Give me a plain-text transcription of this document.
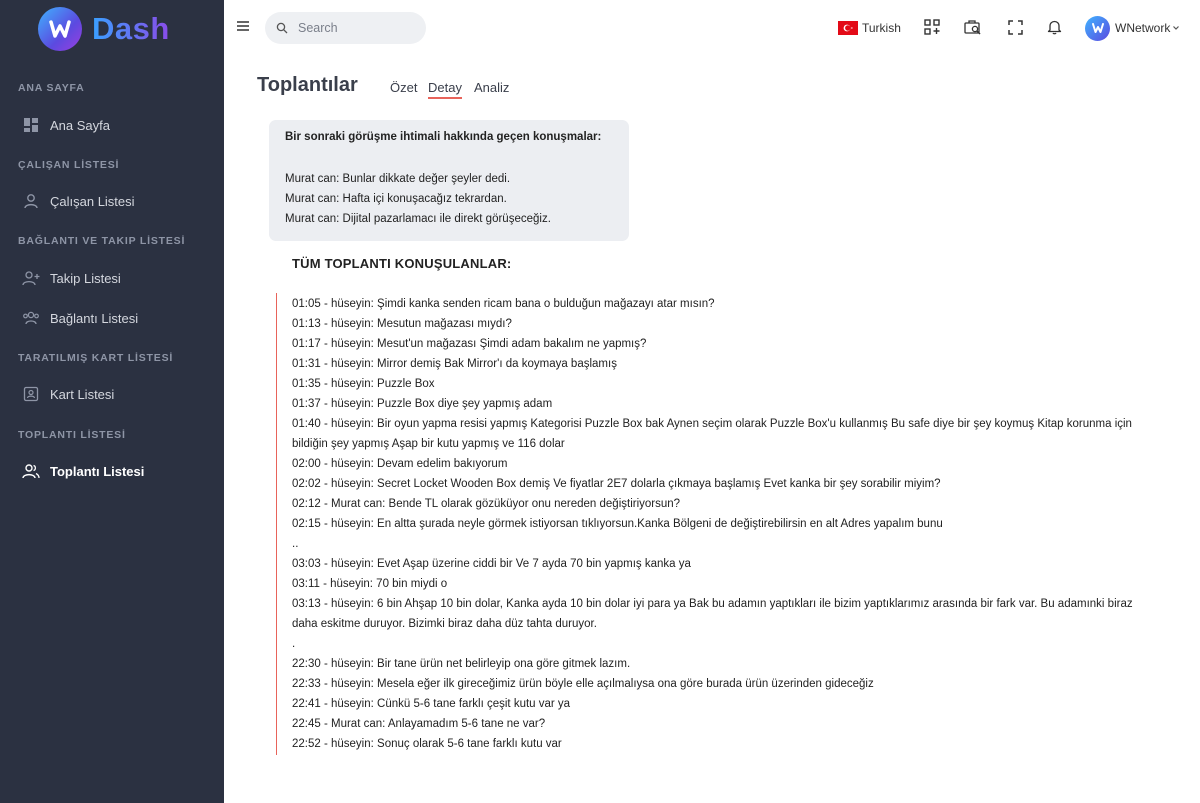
Dash
ANA SAYFA
Ana Sayfa
ÇALIŞAN LİSTESİ
Çalışan Listesi
BAĞLANTI VE TAKIP LİSTESİ
Takip Listesi
Bağlantı Listesi
TARATILMIŞ KART LİSTESİ
Kart Listesi
TOPLANTI LİSTESİ
Toplantı Listesi
Search
Turkish	WNetwork
Toplantılar Özet Detay Analiz
Bir sonraki görüşme ihtimali hakkında geçen konuşmalar:
Murat can: Bunlar dikkate değer şeyler dedi.
Murat can: Hafta içi konuşacağız tekrardan.
Murat can: Dijital pazarlamacı ile direkt görüşeceğiz.
TÜM TOPLANTI KONUŞULANLAR:
01:05 - hüseyin: Şimdi kanka senden ricam bana o bulduğun mağazayı atar mısın?
01:13 - hüseyin: Mesutun mağazası mıydı?
01:17 - hüseyin: Mesut'un mağazası Şimdi adam bakalım ne yapmış?
01:31 - hüseyin: Mirror demiş Bak Mirror'ı da koymaya başlamış
01:35 - hüseyin: Puzzle Box
01:37 - hüseyin: Puzzle Box diye şey yapmış adam
01:40 - hüseyin: Bir oyun yapma resisi yapmış Kategorisi Puzzle Box bak Aynen seçim olarak Puzzle Box'u kullanmış Bu safe diye bir şey koymuş Kitap korunma için
bildiğin şey yapmış Aşap bir kutu yapmış ve 116 dolar
02:00 - hüseyin: Devam edelim bakıyorum
02:02 - hüseyin: Secret Locket Wooden Box demiş Ve fiyatlar 2E7 dolarla çıkmaya başlamış Evet kanka bir şey sorabilir miyim?
02:12 - Murat can: Bende TL olarak gözüküyor onu nereden değiştiriyorsun?
02:15 - hüseyin: En altta şurada neyle görmek istiyorsan tıklıyorsun.Kanka Bölgeni de değiştirebilirsin en alt Adres yapalım bunu
..
03:03 - hüseyin: Evet Aşap üzerine ciddi bir Ve 7 ayda 70 bin yapmış kanka ya
03:11 - hüseyin: 70 bin miydi o
03:13 - hüseyin: 6 bin Ahşap 10 bin dolar, Kanka ayda 10 bin dolar iyi para ya Bak bu adamın yaptıkları ile bizim yaptıklarımız arasında bir fark var. Bu adamınki biraz
daha eskitme duruyor. Bizimki biraz daha düz tahta duruyor.
.
22:30 - hüseyin: Bir tane ürün net belirleyip ona göre gitmek lazım.
22:33 - hüseyin: Mesela eğer ilk gireceğimiz ürün böyle elle açılmalıysa ona göre burada ürün üzerinden gideceğiz
22:41 - hüseyin: Cünkü 5-6 tane farklı çeşit kutu var ya
22:45 - Murat can: Anlayamadım 5-6 tane ne var?
22:52 - hüseyin: Sonuç olarak 5-6 tane farklı kutu var
